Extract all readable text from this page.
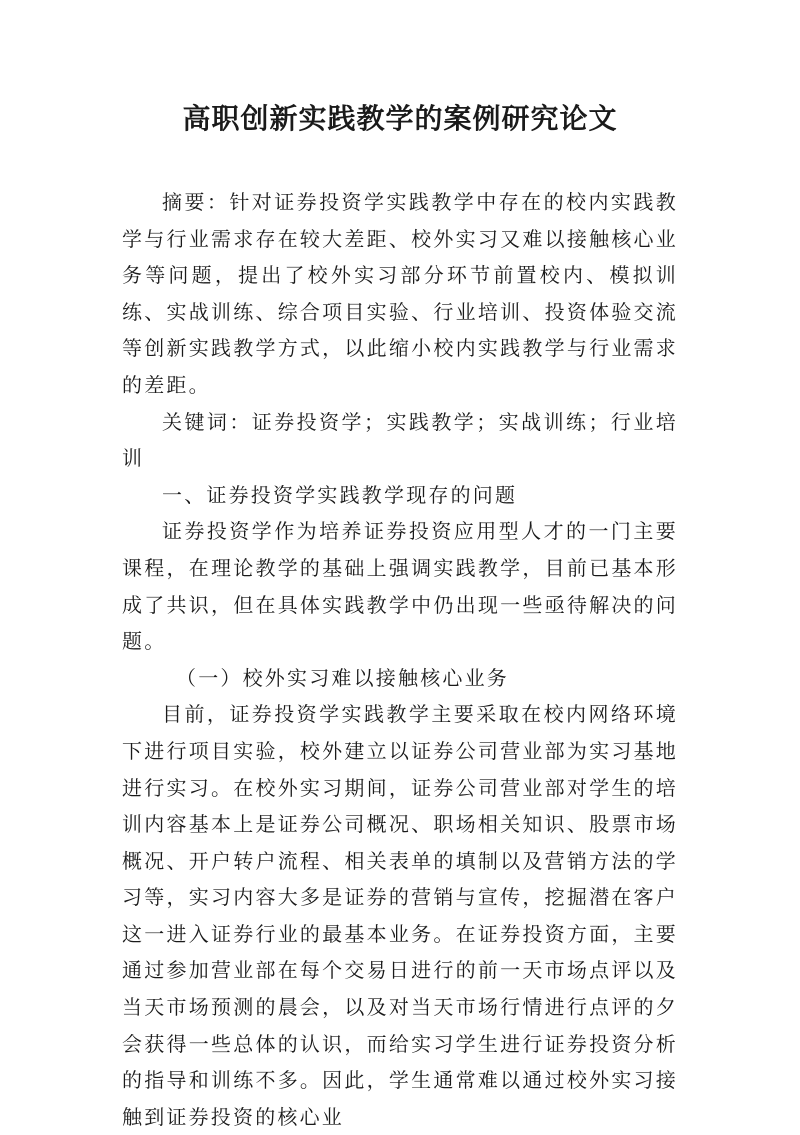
高职创新实践教学的案例研究论文

摘要：针对证券投资学实践教学中存在的校内实践教学与行业需求存在较大差距、校外实习又难以接触核心业务等问题，提出了校外实习部分环节前置校内、模拟训练、实战训练、综合项目实验、行业培训、投资体验交流等创新实践教学方式，以此缩小校内实践教学与行业需求的差距。

关键词：证券投资学；实践教学；实战训练；行业培训

一、证券投资学实践教学现存的问题

证券投资学作为培养证券投资应用型人才的一门主要课程，在理论教学的基础上强调实践教学，目前已基本形成了共识，但在具体实践教学中仍出现一些亟待解决的问题。

（一）校外实习难以接触核心业务

目前，证券投资学实践教学主要采取在校内网络环境下进行项目实验，校外建立以证券公司营业部为实习基地进行实习。在校外实习期间，证券公司营业部对学生的培训内容基本上是证券公司概况、职场相关知识、股票市场概况、开户转户流程、相关表单的填制以及营销方法的学习等，实习内容大多是证券的营销与宣传，挖掘潜在客户这一进入证券行业的最基本业务。在证券投资方面，主要通过参加营业部在每个交易日进行的前一天市场点评以及当天市场预测的晨会，以及对当天市场行情进行点评的夕会获得一些总体的认识，而给实习学生进行证券投资分析的指导和训练不多。因此，学生通常难以通过校外实习接触到证券投资的核心业
